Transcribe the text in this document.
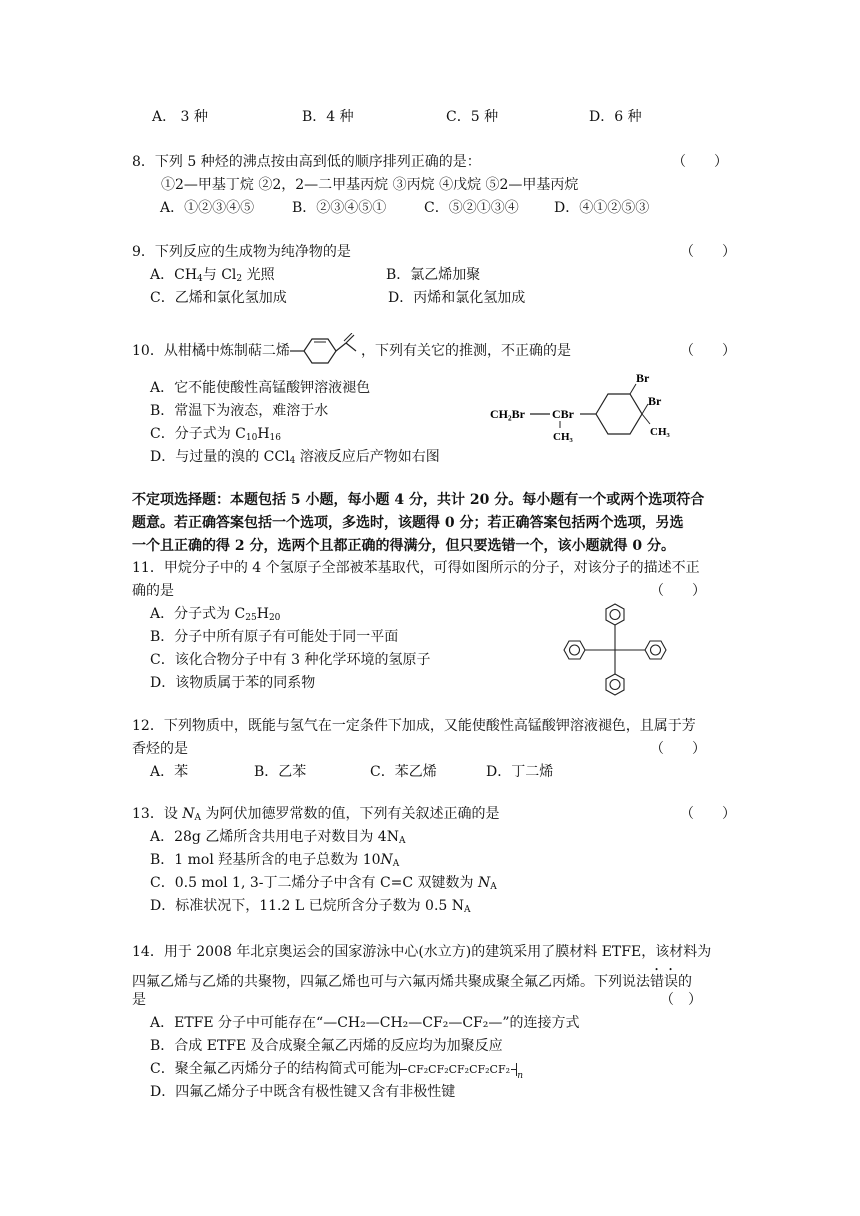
A． 3 种	B．4 种	C．5 种	D．6 种
8．下列 5 种烃的沸点按由高到低的顺序排列正确的是：	（　　）
①2—甲基丁烷 ②2，2—二甲基丙烷 ③丙烷 ④戊烷 ⑤2—甲基丙烷
A．①②③④⑤	B．②③④⑤①	C．⑤②①③④	D．④①②⑤③
9．下列反应的生成物为纯净物的是	（　　）
A．$CH_4$与 $Cl_2$ 光照	B．氯乙烯加聚
C．乙烯和氯化氢加成	D．丙烯和氯化氢加成
10．从柑橘中炼制萜二烯	，下列有关它的推测，不正确的是	（　　）
A．它不能使酸性高锰酸钾溶液褪色
B．常温下为液态，难溶于水
C．分子式为 $C_{10}H_{16}$
D．与过量的溴的 CCl$_4$ 溶液反应后产物如右图
CH₂Br CBr
CH₃
Br
Br
CH₃
不定项选择题：本题包括 5 小题，每小题 4 分，共计 20 分。每小题有一个或两个选项符合
题意。若正确答案包括一个选项，多选时，该题得 0 分；若正确答案包括两个选项，另选
一个且正确的得 2 分，选两个且都正确的得满分，但只要选错一个，该小题就得 0 分。
11．甲烷分子中的 4 个氢原子全部被苯基取代，可得如图所示的分子，对该分子的描述不正
确的是	（　　）
A．分子式为 $C_{25}H_{20}$
B．分子中所有原子有可能处于同一平面
C．该化合物分子中有 3 种化学环境的氢原子
D．该物质属于苯的同系物
12．下列物质中，既能与氢气在一定条件下加成，又能使酸性高锰酸钾溶液褪色，且属于芳
香烃的是	（　　）
A．苯	B．乙苯	C．苯乙烯	D．丁二烯
13．设 $N_A$ 为阿伏加德罗常数的值，下列有关叙述正确的是	（　　）
A．28g 乙烯所含共用电子对数目为 $4N_A$
B．1 mol 羟基所含的电子总数为 $10N_A$
C．0.5 mol 1, 3-丁二烯分子中含有 C=C 双键数为 $N_A$
D．标准状况下，11.2 L 已烷所含分子数为 0.5 $N_A$
14．用于 2008 年北京奥运会的国家游泳中心(水立方)的建筑采用了膜材料 ETFE，该材料为
四氟乙烯与乙烯的共聚物，四氟乙烯也可与六氟丙烯共聚成聚全氟乙丙烯。下列说法错误的
是	（　）
A．ETFE 分子中可能存在“—CH₂—CH₂—CF₂—CF₂—”的连接方式
B．合成 ETFE 及合成聚全氟乙丙烯的反应均为加聚反应
C．聚全氟乙丙烯分子的结构简式可能为 CF₂CF₂CF₂CF₂CF₂ n
D．四氟乙烯分子中既含有极性键又含有非极性键
